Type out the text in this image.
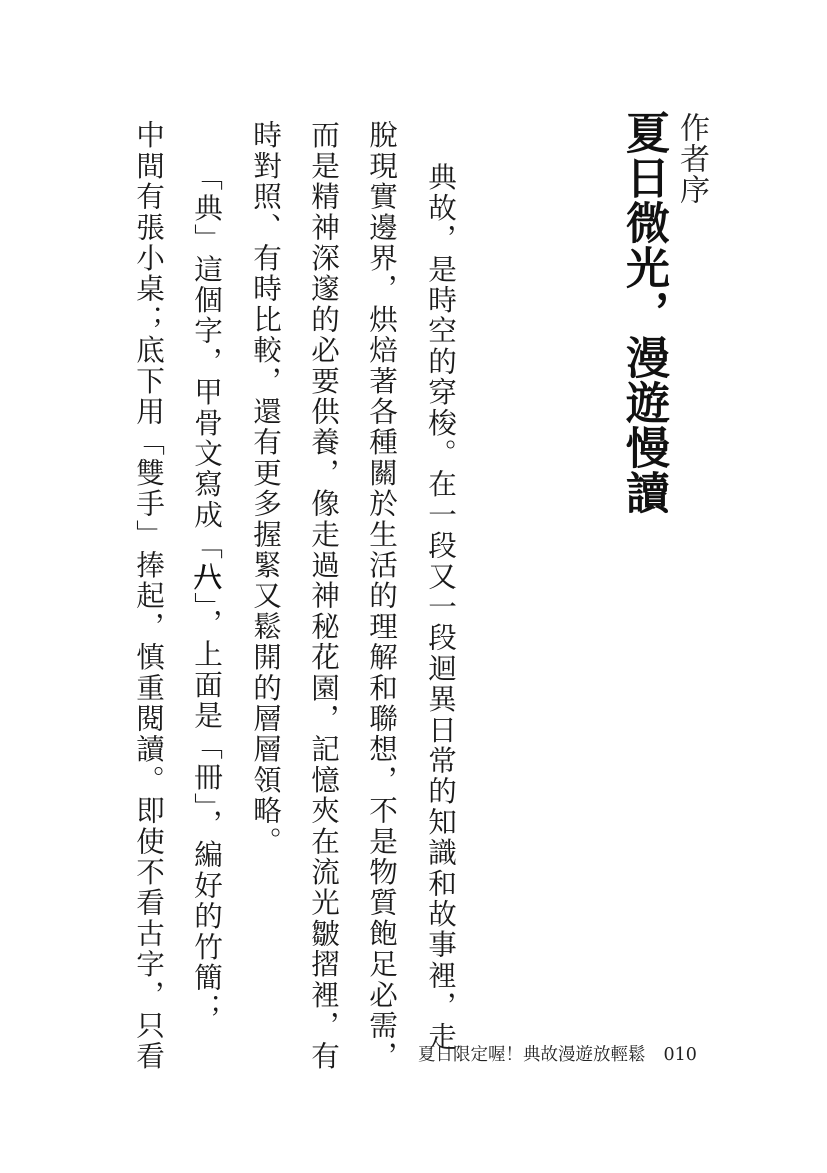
作者序
夏日微光，漫遊慢讀

典故，是時空的穿梭。在一段又一段迴異日常的知識和故事裡，走

脫現實邊界，烘焙著各種關於生活的理解和聯想，不是物質飽足必需，

而是精神深邃的必要供養，像走過神秘花園，記憶夾在流光皺摺裡，有

時對照、有時比較，還有更多握緊又鬆開的層層領略。

「典」這個字，甲骨文寫成「𠔀」，上面是「冊」，編好的竹簡；

中間有張小桌；底下用「雙手」捧起，慎重閱讀。即使不看古字，只看	夏日限定喔！典故漫遊放輕鬆 010
